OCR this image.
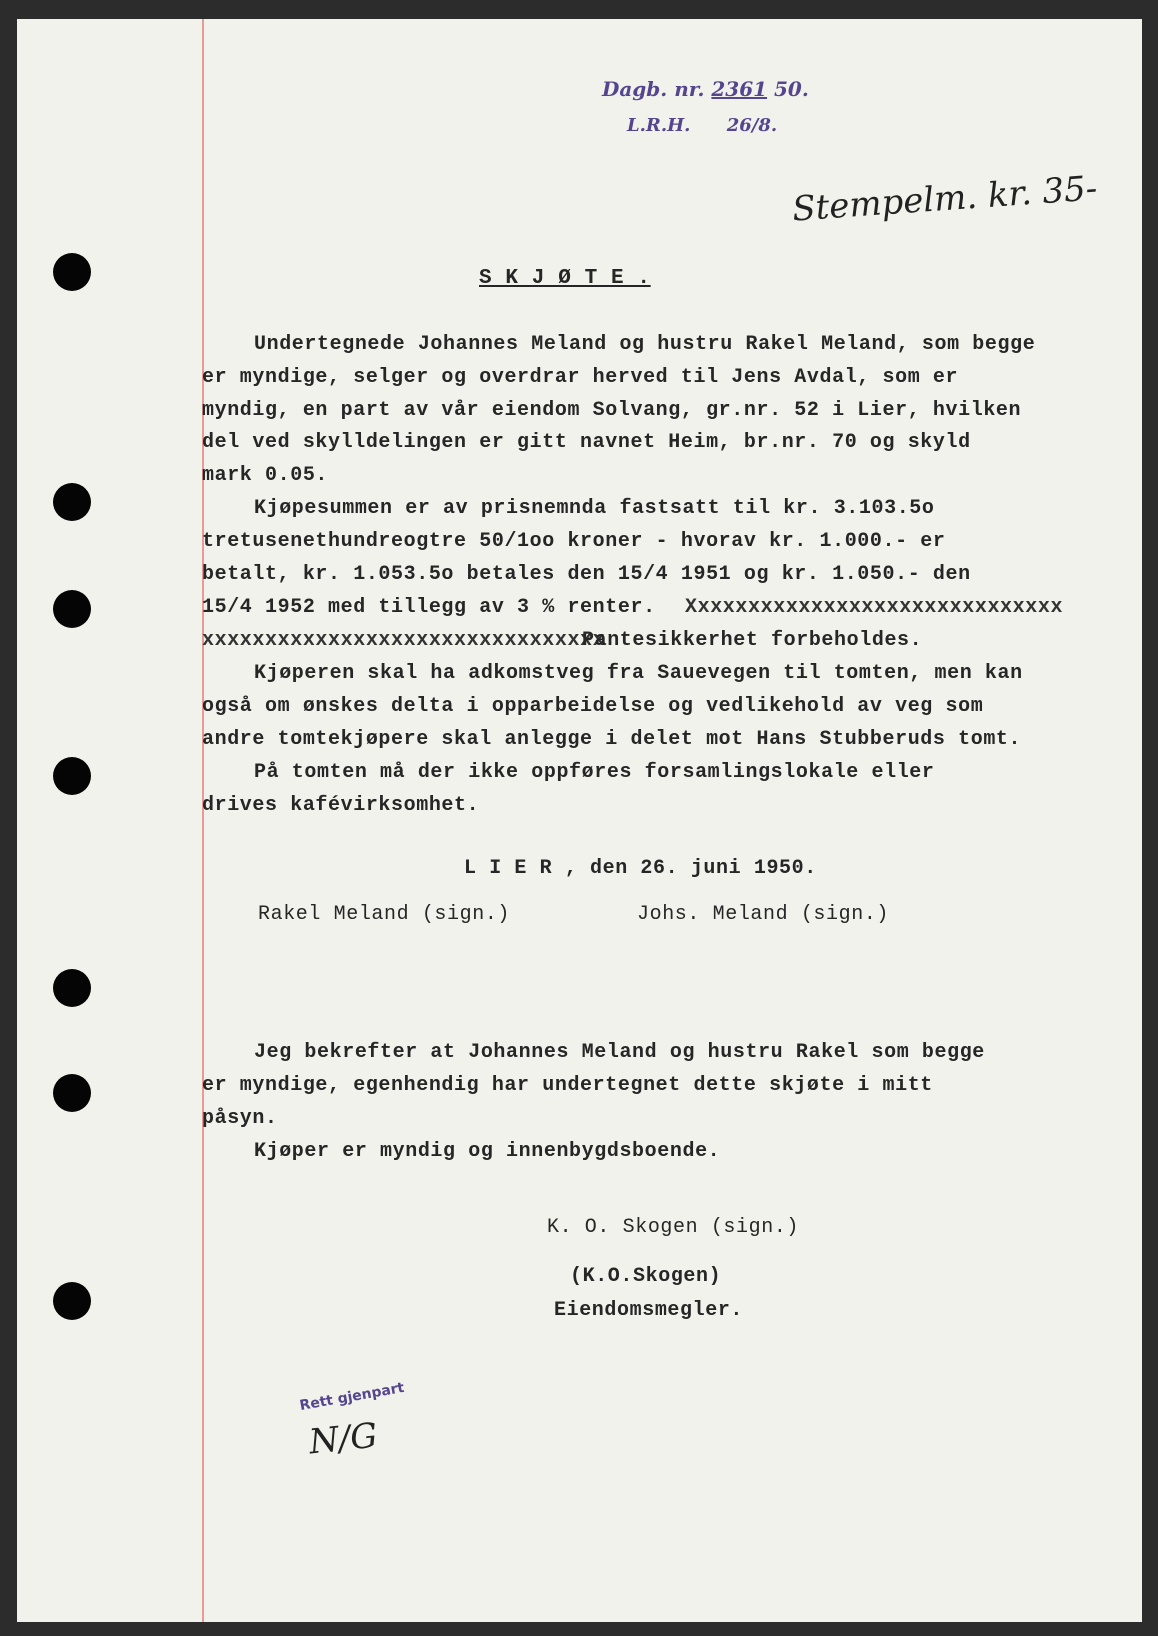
Dagb. nr. 2361 50.
L.R.H. 26/8.
Stempelm. kr. 35-
S K J Ø T E .
Undertegnede Johannes Meland og hustru Rakel Meland, som begge
er myndige, selger og overdrar herved til Jens Avdal, som er
myndig, en part av vår eiendom Solvang, gr.nr. 52 i Lier, hvilken
del ved skylldelingen er gitt navnet Heim, br.nr. 70 og skyld
mark 0.05.
Kjøpesummen er av prisnemnda fastsatt til kr. 3.103.5o
tretusenethundreogtre 50/1oo kroner - hvorav kr. 1.000.- er
betalt, kr. 1.053.5o betales den 15/4 1951 og kr. 1.050.- den
15/4 1952 med tillegg av 3 % renter. Xxxxxxxxxxxxxxxxxxxxxxxxxxxxxx
xxxxxxxxxxxxxxxxxxxxxxxxxxxxxxxx
Pantesikkerhet forbeholdes.
Kjøperen skal ha adkomstveg fra Sauevegen til tomten, men kan
også om ønskes delta i opparbeidelse og vedlikehold av veg som
andre tomtekjøpere skal anlegge i delet mot Hans Stubberuds tomt.
På tomten må der ikke oppføres forsamlingslokale eller
drives kafévirksomhet.
L I E R , den 26. juni 1950.
Rakel Meland (sign.)	Johs. Meland (sign.)
Jeg bekrefter at Johannes Meland og hustru Rakel som begge
er myndige, egenhendig har undertegnet dette skjøte i mitt
påsyn.
Kjøper er myndig og innenbygdsboende.
K. O. Skogen (sign.)
(K.O.Skogen)
Eiendomsmegler.
Rett gjenpart
N/G
